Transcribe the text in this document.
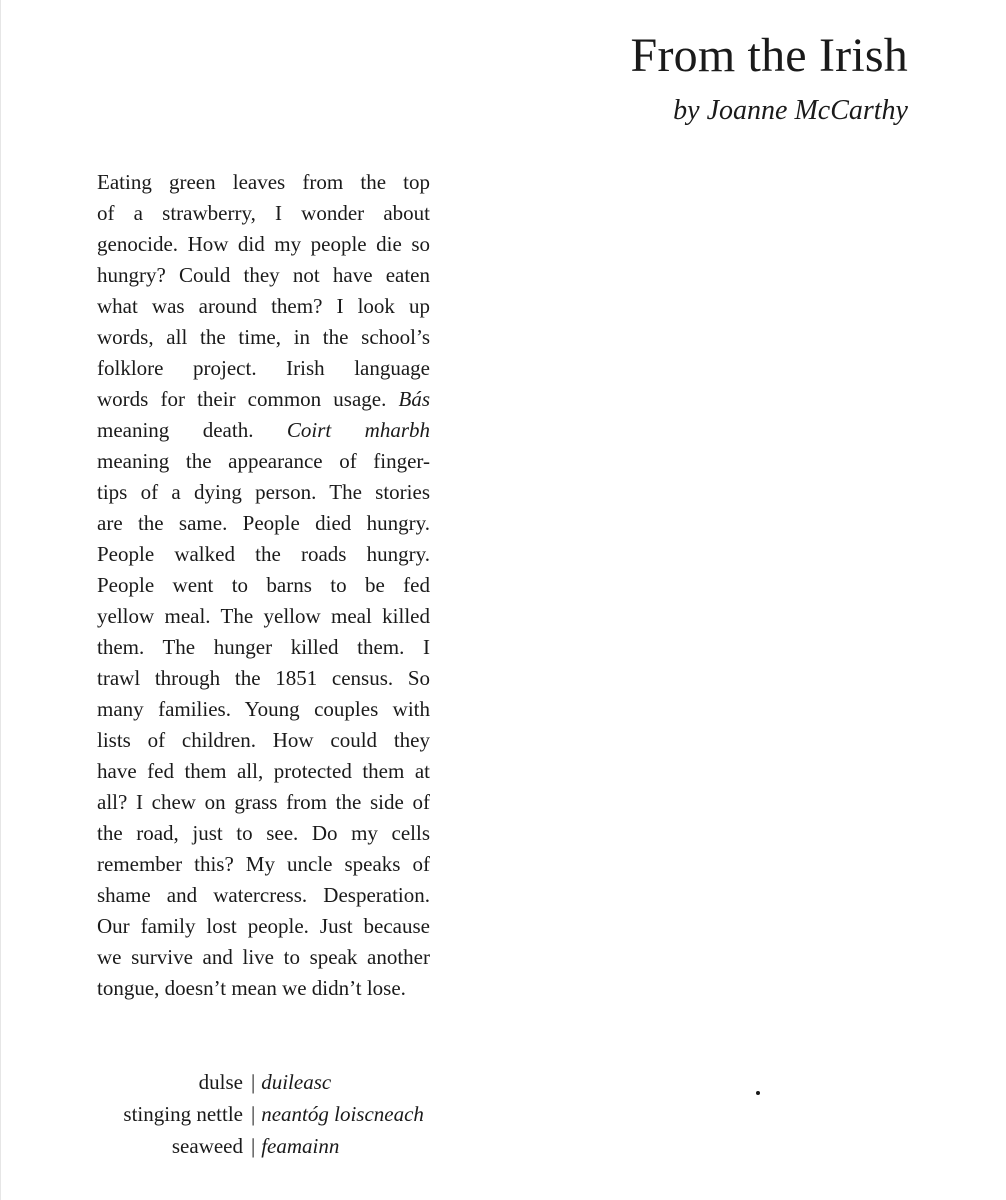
From the Irish

by Joanne McCarthy

Eating green leaves from the top
of a strawberry, I wonder about
genocide. How did my people die so
hungry? Could they not have eaten
what was around them? I look up
words, all the time, in the school’s
folklore project. Irish language
words for their common usage. Bás
meaning death. Coirt mharbh
meaning the appearance of finger-
tips of a dying person. The stories
are the same. People died hungry.
People walked the roads hungry.
People went to barns to be fed
yellow meal. The yellow meal killed
them. The hunger killed them. I
trawl through the 1851 census. So
many families. Young couples with
lists of children. How could they
have fed them all, protected them at
all? I chew on grass from the side of
the road, just to see. Do my cells
remember this? My uncle speaks of
shame and watercress. Desperation.
Our family lost people. Just because
we survive and live to speak another
tongue, doesn’t mean we didn’t lose.
dulse | duileasc
stinging nettle | neantóg loiscneach
seaweed | feamainn
